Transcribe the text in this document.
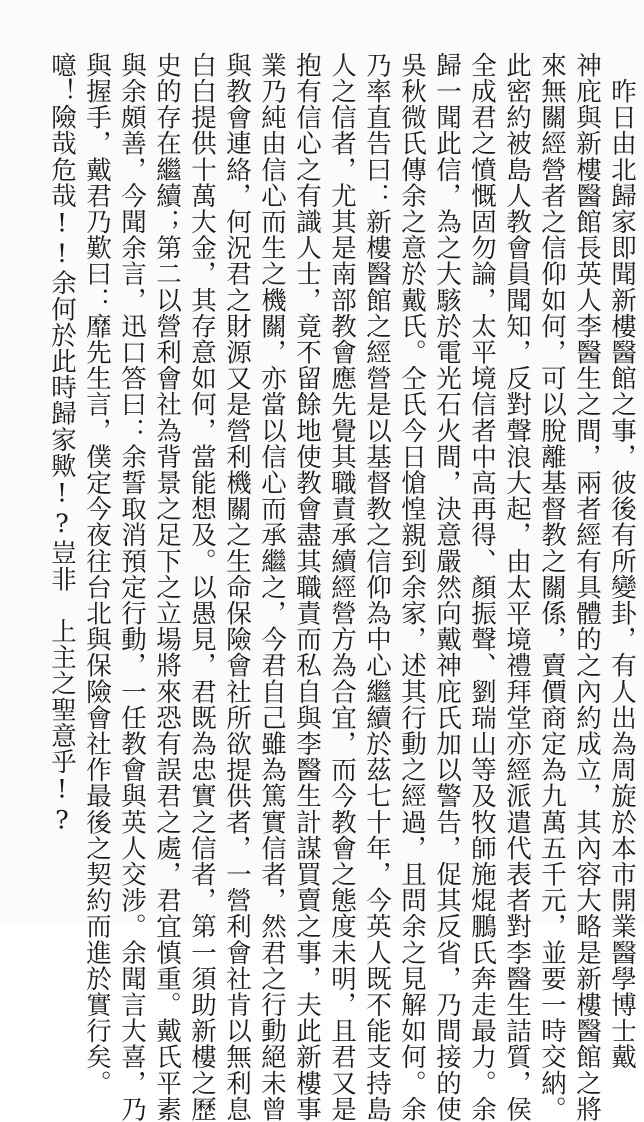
　昨日由北歸家即聞新樓醫館之事，彼後有所變卦，有人出為周旋於本市開業醫學博士戴
神庇與新樓醫館長英人李醫生之間，兩者經有具體的之內約成立，其內容大略是新樓醫館之將
來無關經營者之信仰如何，可以脫離基督教之關係，賣價商定為九萬五千元，並要一時交納。
此密約被島人教會員聞知，反對聲浪大起，由太平境禮拜堂亦經派遣代表者對李醫生詰質，侯
全成君之憤慨固勿論，太平境信者中高再得、顏振聲、劉瑞山等及牧師施焜鵬氏奔走最力。余
歸一聞此信，為之大駭於電光石火間，決意嚴然向戴神庇氏加以警告，促其反省，乃間接的使
吳秋微氏傳余之意於戴氏。仝氏今日愴惶親到余家，述其行動之經過，且問余之見解如何。余
乃率直告曰：新樓醫館之經營是以基督教之信仰為中心繼續於茲七十年，今英人既不能支持島
人之信者，尤其是南部教會應先覺其職責承續經營方為合宜，而今教會之態度未明，且君又是
抱有信心之有識人士，竟不留餘地使教會盡其職責而私自與李醫生計謀買賣之事，夫此新樓事
業乃純由信心而生之機關，亦當以信心而承繼之，今君自己雖為篤實信者，然君之行動絕未曾
與教會連絡，何況君之財源又是營利機關之生命保險會社所欲提供者，一營利會社肯以無利息
白白提供十萬大金，其存意如何，當能想及。以愚見，君既為忠實之信者，第一須助新樓之歷
史的存在繼續；第二以營利會社為背景之足下之立場將來恐有誤君之處，君宜慎重。戴氏平素
與余頗善，今聞余言，迅口答曰：余誓取消預定行動，一任教會與英人交涉。余聞言大喜，乃
與握手，戴君乃歎曰：靡先生言，僕定今夜往台北與保險會社作最後之契約而進於實行矣。
噫！險哉危哉!!余何於此時歸家歟!?豈非　上主之聖意乎!?
